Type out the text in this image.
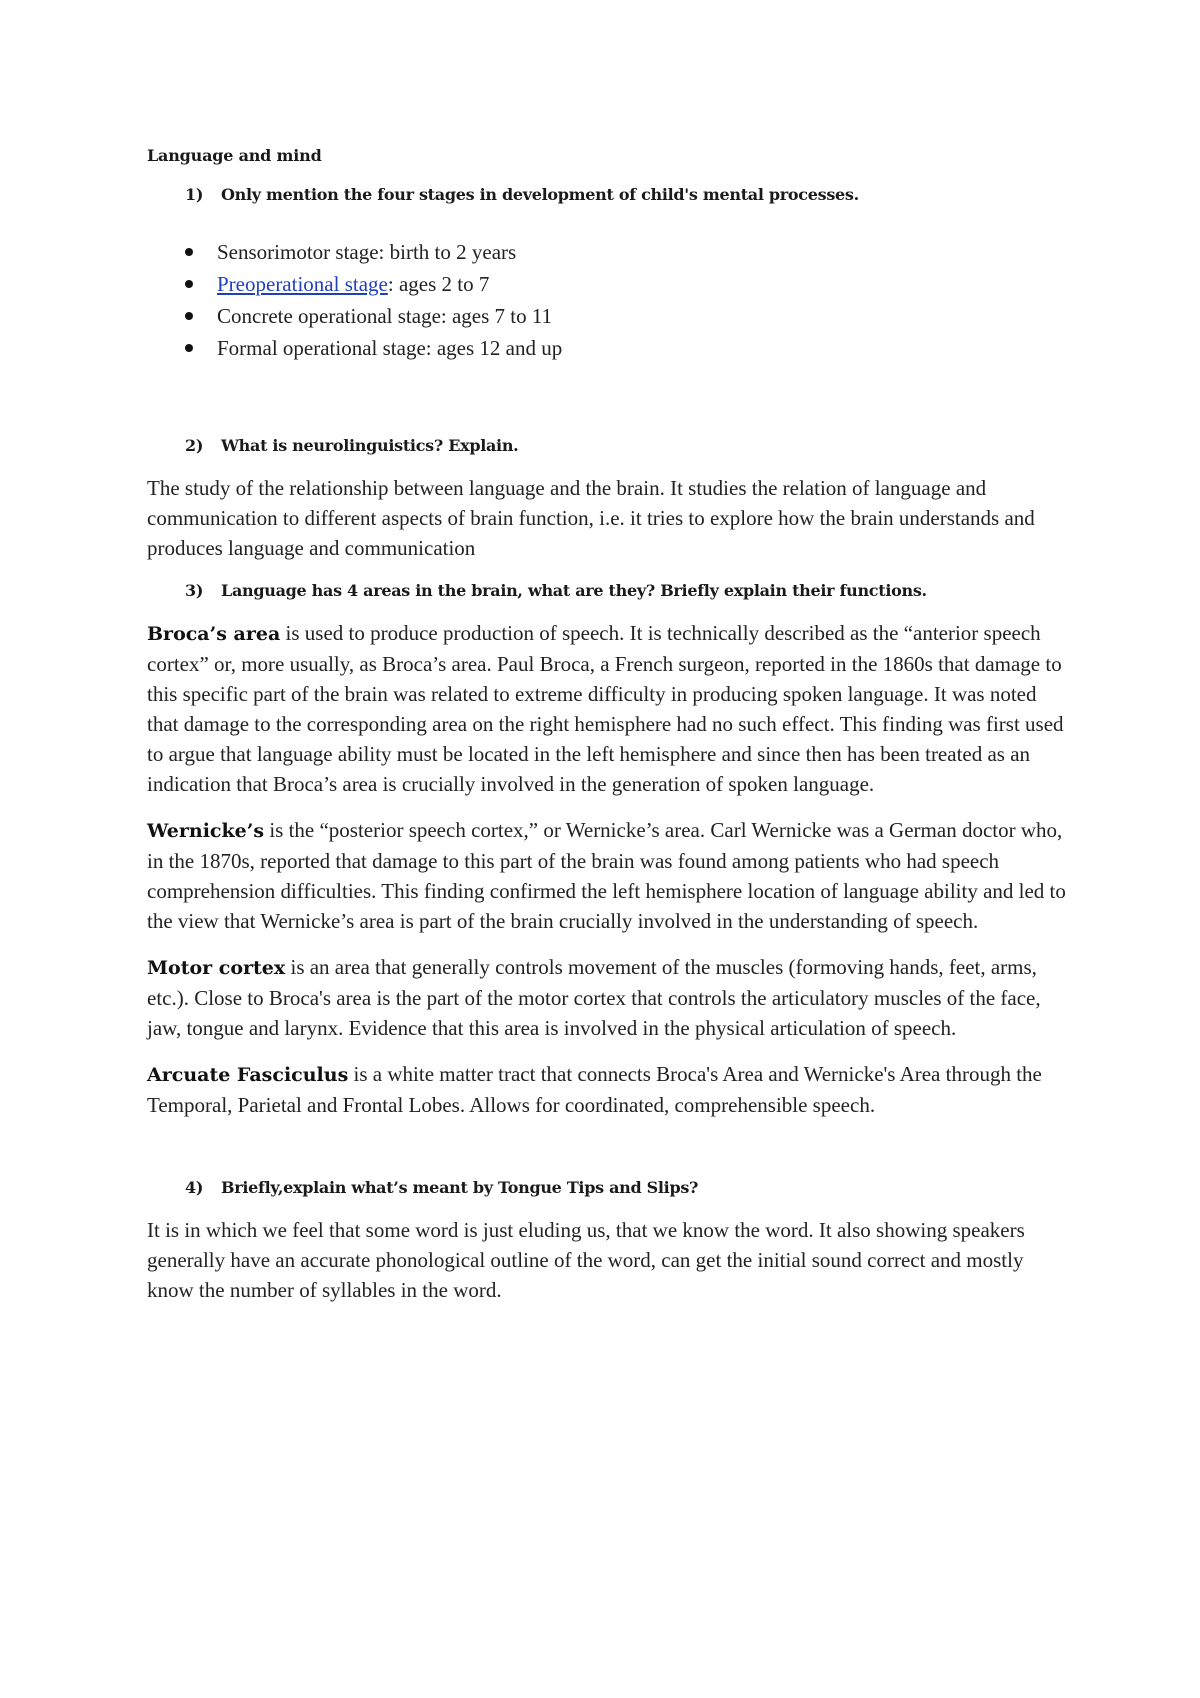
Language and mind
1)	Only mention the four stages in development of child's mental processes.
Sensorimotor stage: birth to 2 years
Preoperational stage: ages 2 to 7
Concrete operational stage: ages 7 to 11
Formal operational stage: ages 12 and up
2)	What is neurolinguistics? Explain.

The study of the relationship between language and the brain. It studies the relation of language and communication to different aspects of brain function, i.e. it tries to explore how the brain understands and produces language and communication

3)	Language has 4 areas in the brain, what are they? Briefly explain their functions.

Broca’s area is used to produce production of speech. It is technically described as the “anterior speech cortex” or, more usually, as Broca’s area. Paul Broca, a French surgeon, reported in the 1860s that damage to this specific part of the brain was related to extreme difficulty in producing spoken language. It was noted that damage to the corresponding area on the right hemisphere had no such effect. This finding was first used to argue that language ability must be located in the left hemisphere and since then has been treated as an indication that Broca’s area is crucially involved in the generation of spoken language.

Wernicke’s is the “posterior speech cortex,” or Wernicke’s area. Carl Wernicke was a German doctor who, in the 1870s, reported that damage to this part of the brain was found among patients who had speech comprehension difficulties. This finding confirmed the left hemisphere location of language ability and led to the view that Wernicke’s area is part of the brain crucially involved in the understanding of speech.

Motor cortex is an area that generally controls movement of the muscles (formoving hands, feet, arms, etc.). Close to Broca's area is the part of the motor cortex that controls the articulatory muscles of the face, jaw, tongue and larynx. Evidence that this area is involved in the physical articulation of speech.

Arcuate Fasciculus is a white matter tract that connects Broca's Area and Wernicke's Area through the Temporal, Parietal and Frontal Lobes. Allows for coordinated, comprehensible speech.

4)	Briefly,explain what’s meant by Tongue Tips and Slips?

It is in which we feel that some word is just eluding us, that we know the word. It also showing speakers generally have an accurate phonological outline of the word, can get the initial sound correct and mostly know the number of syllables in the word.
